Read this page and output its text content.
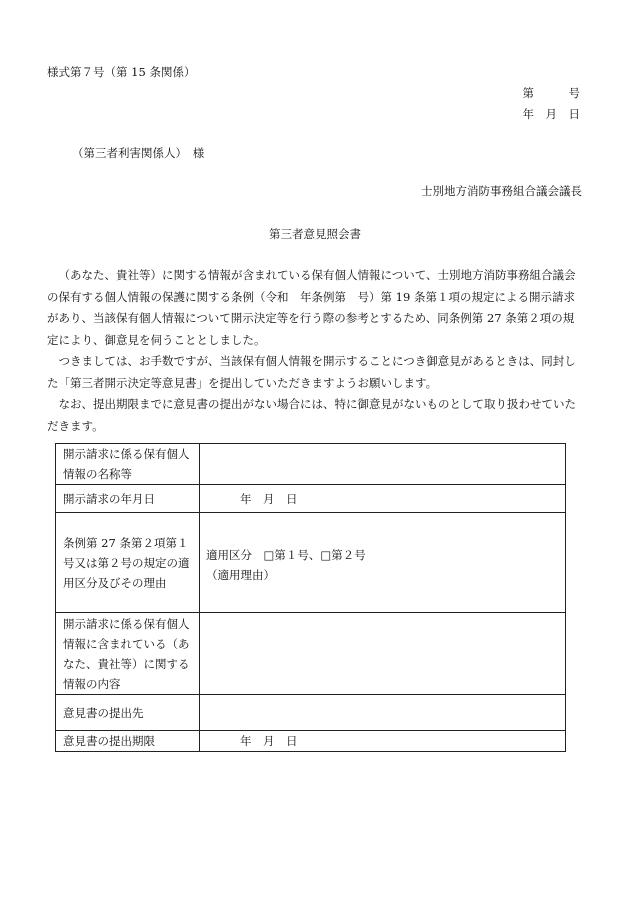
様式第７号（第 15 条関係）
第　　　号
年　月　日
（第三者利害関係人）　様
士別地方消防事務組合議会議長
第三者意見照会書

（あなた、貴社等）に関する情報が含まれている保有個人情報について、士別地方消防事務組合議会の保有する個人情報の保護に関する条例（令和　年条例第　号）第 19 条第１項の規定による開示請求があり、当該保有個人情報について開示決定等を行う際の参考とするため、同条例第 27 条第２項の規定により、御意見を伺うこととしました。

つきましては、お手数ですが、当該保有個人情報を開示することにつき御意見があるときは、同封した「第三者開示決定等意見書」を提出していただきますようお願いします。

なお、提出期限までに意見書の提出がない場合には、特に御意見がないものとして取り扱わせていただきます。

開示請求に係る保有個人情報の名称等	
開示請求の年月日	年　月　日
条例第 27 条第２項第１号又は第２号の規定の適用区分及びその理由	適用区分　□第１号、□第２号
（適用理由）

開示請求に係る保有個人情報に含まれている（あなた、貴社等）に関する情報の内容	
意見書の提出先	
意見書の提出期限	年　月　日
